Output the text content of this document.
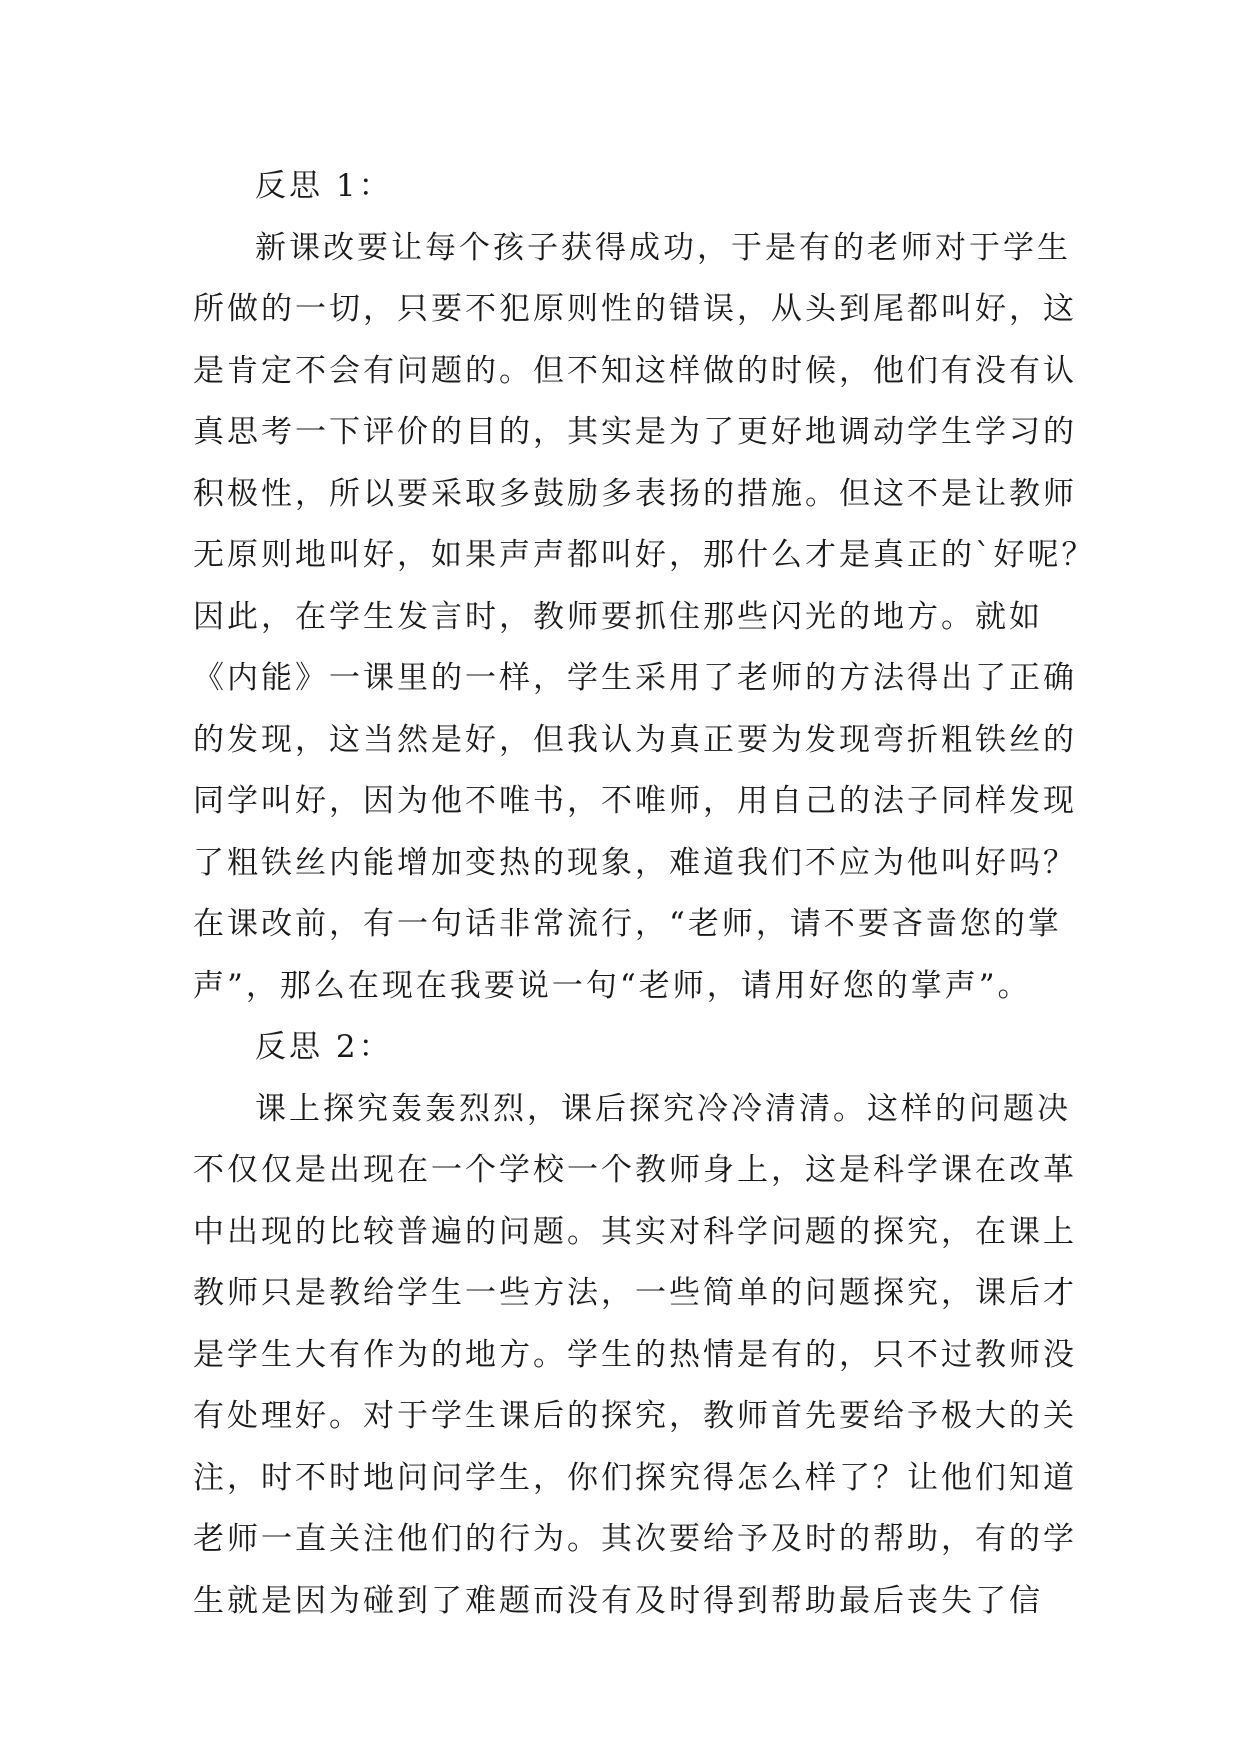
反思 1：

新课改要让每个孩子获得成功，于是有的老师对于学生
所做的一切，只要不犯原则性的错误，从头到尾都叫好，这
是肯定不会有问题的。但不知这样做的时候，他们有没有认
真思考一下评价的目的，其实是为了更好地调动学生学习的
积极性，所以要采取多鼓励多表扬的措施。但这不是让教师
无原则地叫好，如果声声都叫好，那什么才是真正的`好呢？
因此，在学生发言时，教师要抓住那些闪光的地方。就如
《内能》一课里的一样，学生采用了老师的方法得出了正确
的发现，这当然是好，但我认为真正要为发现弯折粗铁丝的
同学叫好，因为他不唯书，不唯师，用自己的法子同样发现
了粗铁丝内能增加变热的现象，难道我们不应为他叫好吗？
在课改前，有一句话非常流行，“老师，请不要吝啬您的掌
声”，那么在现在我要说一句“老师，请用好您的掌声”。

反思 2：

课上探究轰轰烈烈，课后探究冷冷清清。这样的问题决
不仅仅是出现在一个学校一个教师身上，这是科学课在改革
中出现的比较普遍的问题。其实对科学问题的探究，在课上
教师只是教给学生一些方法，一些简单的问题探究，课后才
是学生大有作为的地方。学生的热情是有的，只不过教师没
有处理好。对于学生课后的探究，教师首先要给予极大的关
注，时不时地问问学生，你们探究得怎么样了？让他们知道
老师一直关注他们的行为。其次要给予及时的帮助，有的学
生就是因为碰到了难题而没有及时得到帮助最后丧失了信
